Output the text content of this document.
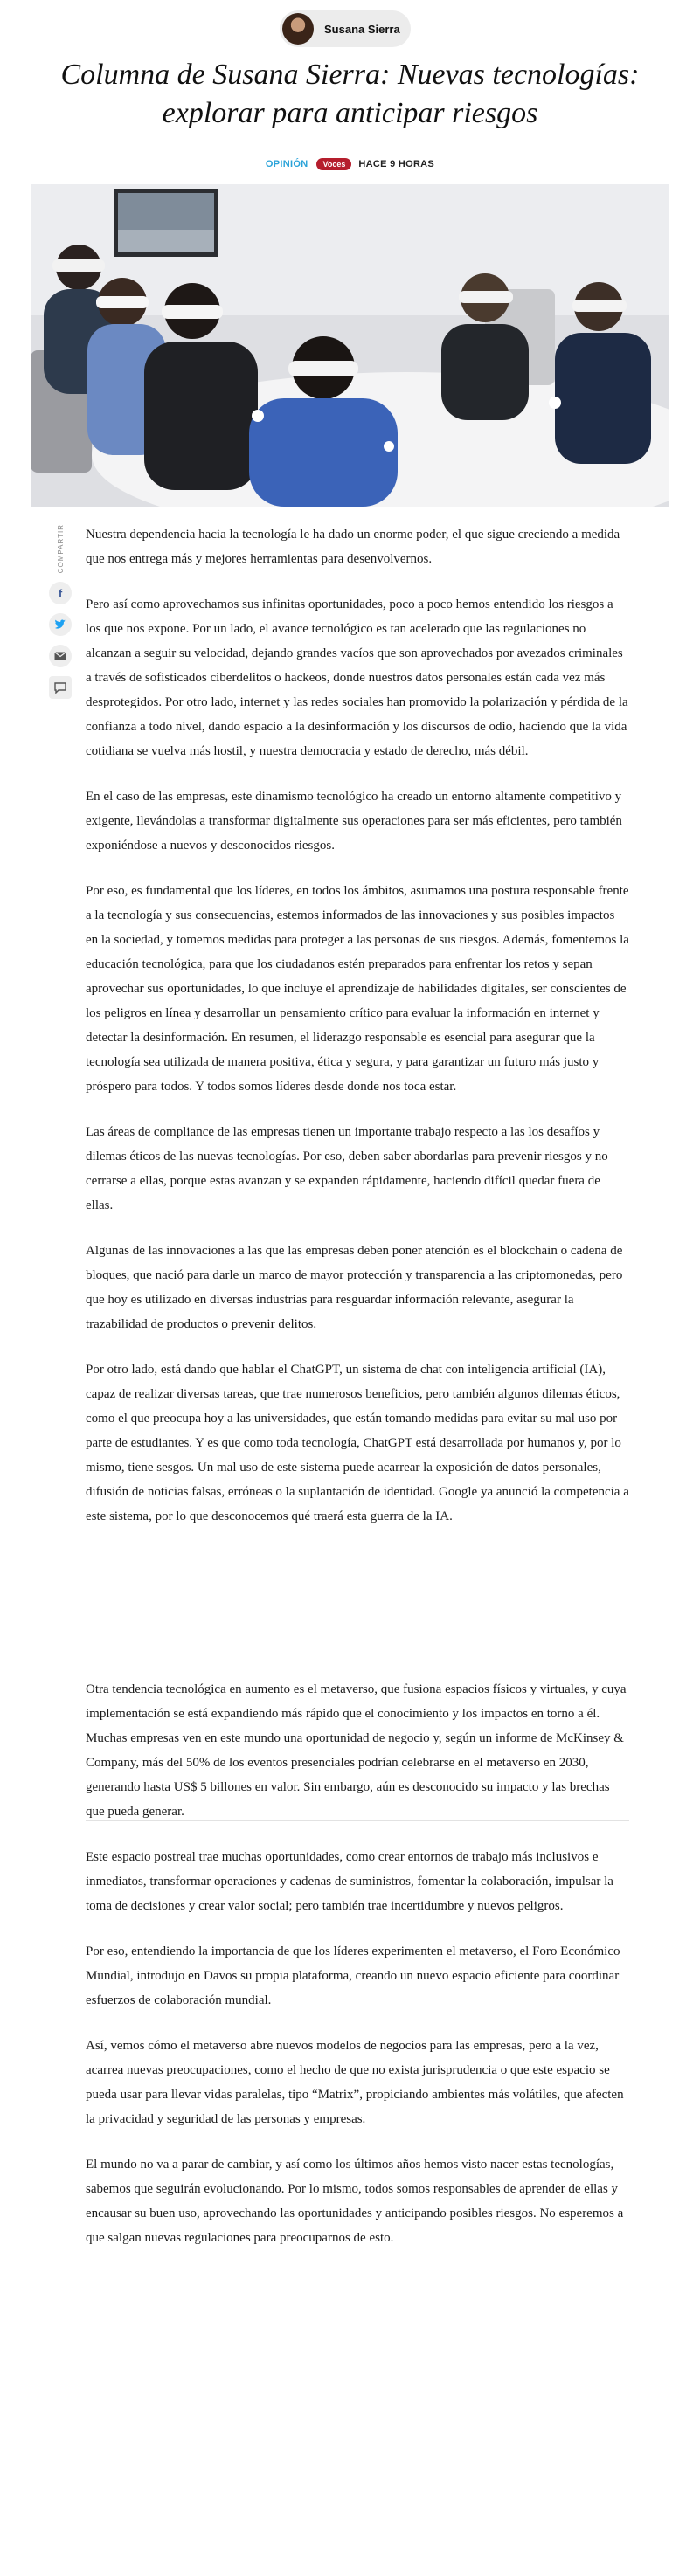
Susana Sierra
Columna de Susana Sierra: Nuevas tecnologías: explorar para anticipar riesgos
OPINIÓN	Voces	HACE 9 HORAS
COMPARTIR
f

Nuestra dependencia hacia la tecnología le ha dado un enorme poder, el que sigue creciendo a medida que nos entrega más y mejores herramientas para desenvolvernos.

Pero así como aprovechamos sus infinitas oportunidades, poco a poco hemos entendido los riesgos a los que nos expone. Por un lado, el avance tecnológico es tan acelerado que las regulaciones no alcanzan a seguir su velocidad, dejando grandes vacíos que son aprovechados por avezados criminales a través de sofisticados ciberdelitos o hackeos, donde nuestros datos personales están cada vez más desprotegidos. Por otro lado, internet y las redes sociales han promovido la polarización y pérdida de la confianza a todo nivel, dando espacio a la desinformación y los discursos de odio, haciendo que la vida cotidiana se vuelva más hostil, y nuestra democracia y estado de derecho, más débil.

En el caso de las empresas, este dinamismo tecnológico ha creado un entorno altamente competitivo y exigente, llevándolas a transformar digitalmente sus operaciones para ser más eficientes, pero también exponiéndose a nuevos y desconocidos riesgos.

Por eso, es fundamental que los líderes, en todos los ámbitos, asumamos una postura responsable frente a la tecnología y sus consecuencias, estemos informados de las innovaciones y sus posibles impactos en la sociedad, y tomemos medidas para proteger a las personas de sus riesgos. Además, fomentemos la educación tecnológica, para que los ciudadanos estén preparados para enfrentar los retos y sepan aprovechar sus oportunidades, lo que incluye el aprendizaje de habilidades digitales, ser conscientes de los peligros en línea y desarrollar un pensamiento crítico para evaluar la información en internet y detectar la desinformación. En resumen, el liderazgo responsable es esencial para asegurar que la tecnología sea utilizada de manera positiva, ética y segura, y para garantizar un futuro más justo y próspero para todos. Y todos somos líderes desde donde nos toca estar.

Las áreas de compliance de las empresas tienen un importante trabajo respecto a las los desafíos y dilemas éticos de las nuevas tecnologías. Por eso, deben saber abordarlas para prevenir riesgos y no cerrarse a ellas, porque estas avanzan y se expanden rápidamente, haciendo difícil quedar fuera de ellas.

Algunas de las innovaciones a las que las empresas deben poner atención es el blockchain o cadena de bloques, que nació para darle un marco de mayor protección y transparencia a las criptomonedas, pero que hoy es utilizado en diversas industrias para resguardar información relevante, asegurar la trazabilidad de productos o prevenir delitos.

Por otro lado, está dando que hablar el ChatGPT, un sistema de chat con inteligencia artificial (IA), capaz de realizar diversas tareas, que trae numerosos beneficios, pero también algunos dilemas éticos, como el que preocupa hoy a las universidades, que están tomando medidas para evitar su mal uso por parte de estudiantes. Y es que como toda tecnología, ChatGPT está desarrollada por humanos y, por lo mismo, tiene sesgos. Un mal uso de este sistema puede acarrear la exposición de datos personales, difusión de noticias falsas, erróneas o la suplantación de identidad. Google ya anunció la competencia a este sistema, por lo que desconocemos qué traerá esta guerra de la IA.

Otra tendencia tecnológica en aumento es el metaverso, que fusiona espacios físicos y virtuales, y cuya implementación se está expandiendo más rápido que el conocimiento y los impactos en torno a él. Muchas empresas ven en este mundo una oportunidad de negocio y, según un informe de McKinsey & Company, más del 50% de los eventos presenciales podrían celebrarse en el metaverso en 2030, generando hasta US$ 5 billones en valor. Sin embargo, aún es desconocido su impacto y las brechas que pueda generar.

Este espacio postreal trae muchas oportunidades, como crear entornos de trabajo más inclusivos e inmediatos, transformar operaciones y cadenas de suministros, fomentar la colaboración, impulsar la toma de decisiones y crear valor social; pero también trae incertidumbre y nuevos peligros.

Por eso, entendiendo la importancia de que los líderes experimenten el metaverso, el Foro Económico Mundial, introdujo en Davos su propia plataforma, creando un nuevo espacio eficiente para coordinar esfuerzos de colaboración mundial.

Así, vemos cómo el metaverso abre nuevos modelos de negocios para las empresas, pero a la vez, acarrea nuevas preocupaciones, como el hecho de que no exista jurisprudencia o que este espacio se pueda usar para llevar vidas paralelas, tipo “Matrix”, propiciando ambientes más volátiles, que afecten la privacidad y seguridad de las personas y empresas.

El mundo no va a parar de cambiar, y así como los últimos años hemos visto nacer estas tecnologías, sabemos que seguirán evolucionando. Por lo mismo, todos somos responsables de aprender de ellas y encausar su buen uso, aprovechando las oportunidades y anticipando posibles riesgos. No esperemos a que salgan nuevas regulaciones para preocuparnos de esto.
